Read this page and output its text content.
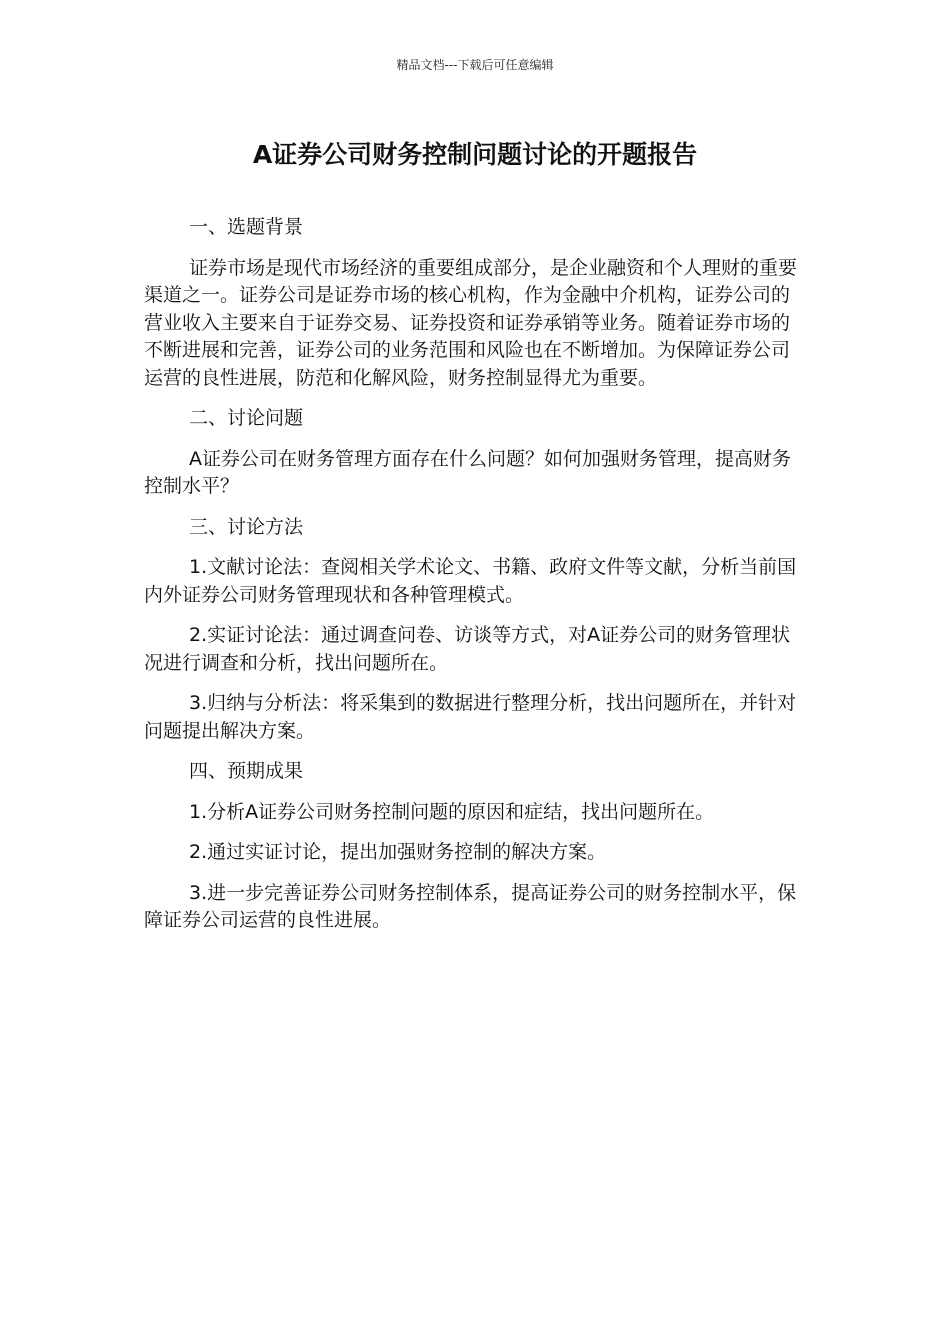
精品文档---下载后可任意编辑
A证券公司财务控制问题讨论的开题报告
一、选题背景

证券市场是现代市场经济的重要组成部分，是企业融资和个人理财的重要渠道之一。证券公司是证券市场的核心机构，作为金融中介机构，证券公司的营业收入主要来自于证券交易、证券投资和证券承销等业务。随着证券市场的不断进展和完善，证券公司的业务范围和风险也在不断增加。为保障证券公司运营的良性进展，防范和化解风险，财务控制显得尤为重要。

二、讨论问题

A证券公司在财务管理方面存在什么问题？如何加强财务管理，提高财务控制水平？

三、讨论方法

1.文献讨论法：查阅相关学术论文、书籍、政府文件等文献，分析当前国内外证券公司财务管理现状和各种管理模式。

2.实证讨论法：通过调查问卷、访谈等方式，对A证券公司的财务管理状况进行调查和分析，找出问题所在。

3.归纳与分析法：将采集到的数据进行整理分析，找出问题所在，并针对问题提出解决方案。

四、预期成果

1.分析A证券公司财务控制问题的原因和症结，找出问题所在。

2.通过实证讨论，提出加强财务控制的解决方案。

3.进一步完善证券公司财务控制体系，提高证券公司的财务控制水平，保障证券公司运营的良性进展。
